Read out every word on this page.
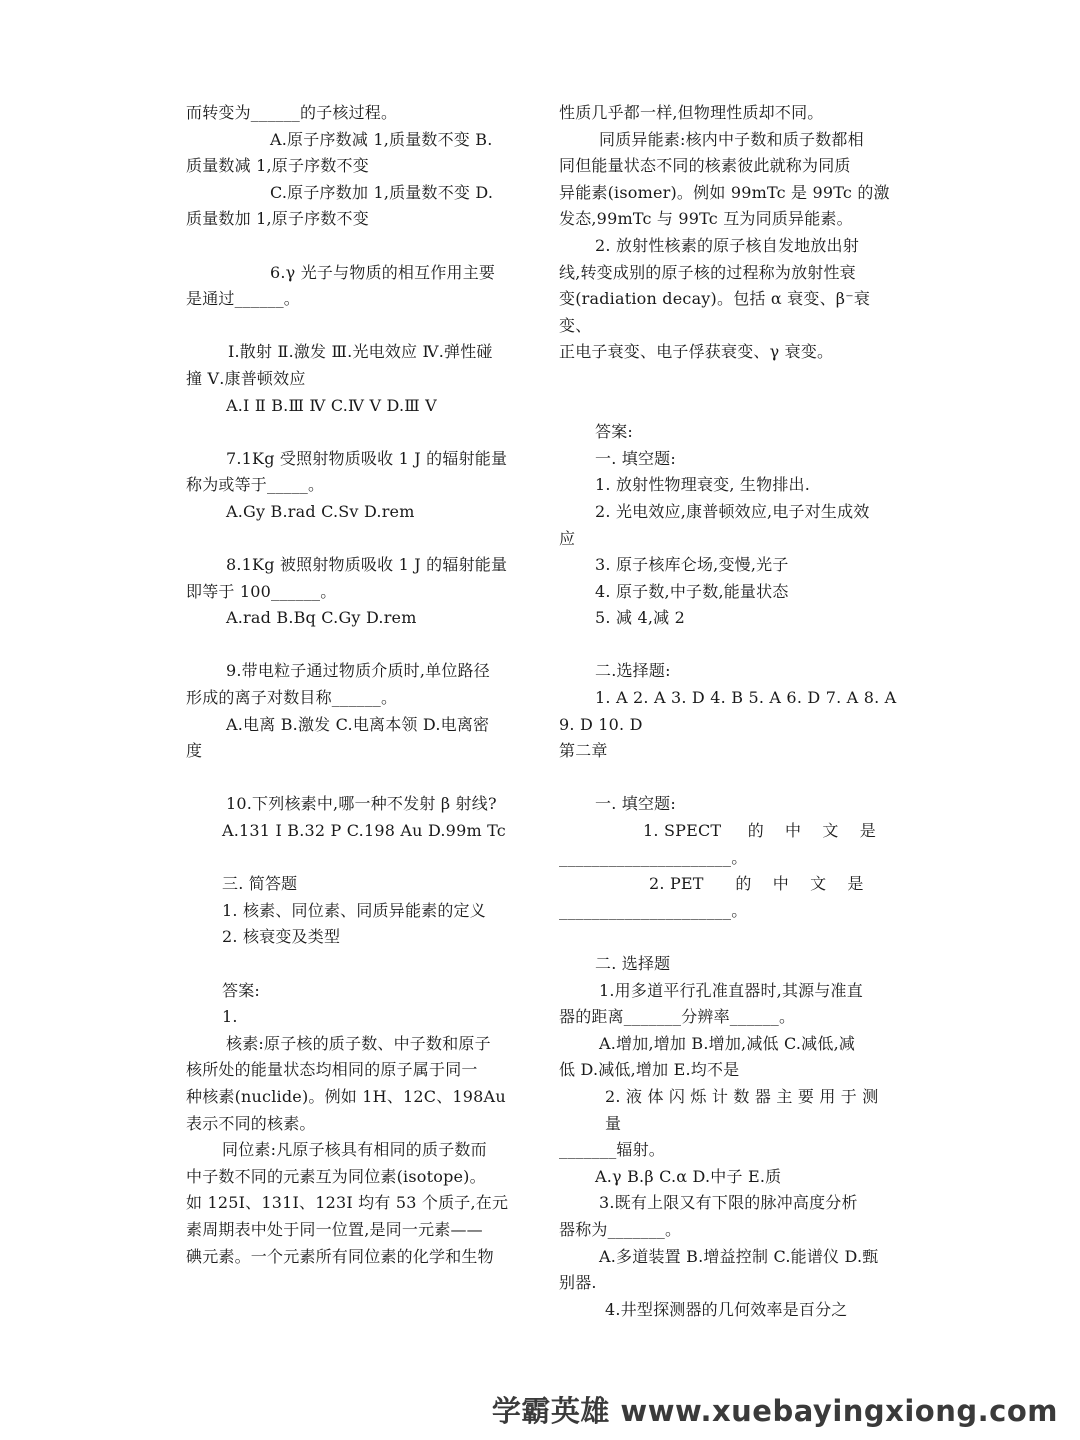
而转变为______的子核过程。
A.原子序数减 1,质量数不变 B.
质量数减 1,原子序数不变
C.原子序数加 1,质量数不变 D.
质量数加 1,原子序数不变
6.γ 光子与物质的相互作用主要
是通过______。
Ⅰ.散射 Ⅱ.激发 Ⅲ.光电效应 Ⅳ.弹性碰
撞 Ⅴ.康普顿效应
A.Ⅰ Ⅱ B.Ⅲ Ⅳ C.Ⅳ Ⅴ D.Ⅲ Ⅴ
7.1Kg 受照射物质吸收 1 J 的辐射能量
称为或等于_____。
A.Gy B.rad C.Sv D.rem
8.1Kg 被照射物质吸收 1 J 的辐射能量
即等于 100______。
A.rad B.Bq C.Gy D.rem
9.带电粒子通过物质介质时,单位路径
形成的离子对数目称______。
A.电离 B.激发 C.电离本领 D.电离密
度
10.下列核素中,哪一种不发射 β 射线?
A.131 I B.32 P C.198 Au D.99m Tc
三. 简答题
1. 核素、同位素、同质异能素的定义
2. 核衰变及类型
答案:
1.
核素:原子核的质子数、中子数和原子
核所处的能量状态均相同的原子属于同一
种核素(nuclide)。例如 1H、12C、198Au
表示不同的核素。
同位素:凡原子核具有相同的质子数而
中子数不同的元素互为同位素(isotope)。
如 125I、131I、123I 均有 53 个质子,在元
素周期表中处于同一位置,是同一元素——
碘元素。一个元素所有同位素的化学和生物
性质几乎都一样,但物理性质却不同。
同质异能素:核内中子数和质子数都相
同但能量状态不同的核素彼此就称为同质
异能素(isomer)。例如 99mTc 是 99Tc 的激
发态,99mTc 与 99Tc 互为同质异能素。
2. 放射性核素的原子核自发地放出射
线,转变成别的原子核的过程称为放射性衰
变(radiation decay)。包括 α 衰变、β⁻衰变、
正电子衰变、电子俘获衰变、γ 衰变。
答案:
一. 填空题:
1. 放射性物理衰变, 生物排出.
2. 光电效应,康普顿效应,电子对生成效
应
3. 原子核库仑场,变慢,光子
4. 原子数,中子数,能量状态
5. 减 4,减 2
二.选择题:
1. A 2. A 3. D 4. B 5. A 6. D 7. A 8. A
9. D 10. D
第二章
一. 填空题:
1. SPECT     的    中    文    是
_____________________。
2. PET      的    中    文    是
_____________________。
二. 选择题
1.用多道平行孔准直器时,其源与准直
器的距离_______分辨率______。
A.增加,增加 B.增加,减低 C.减低,减
低 D.减低,增加 E.均不是
2. 液 体 闪 烁 计 数 器 主 要 用 于 测 量
_______辐射。
A.γ B.β C.α D.中子 E.质
3.既有上限又有下限的脉冲高度分析
器称为_______。
A.多道装置 B.增益控制 C.能谱仪 D.甄
别器.
4.井型探测器的几何效率是百分之
学霸英雄 www.xuebayingxiong.com
